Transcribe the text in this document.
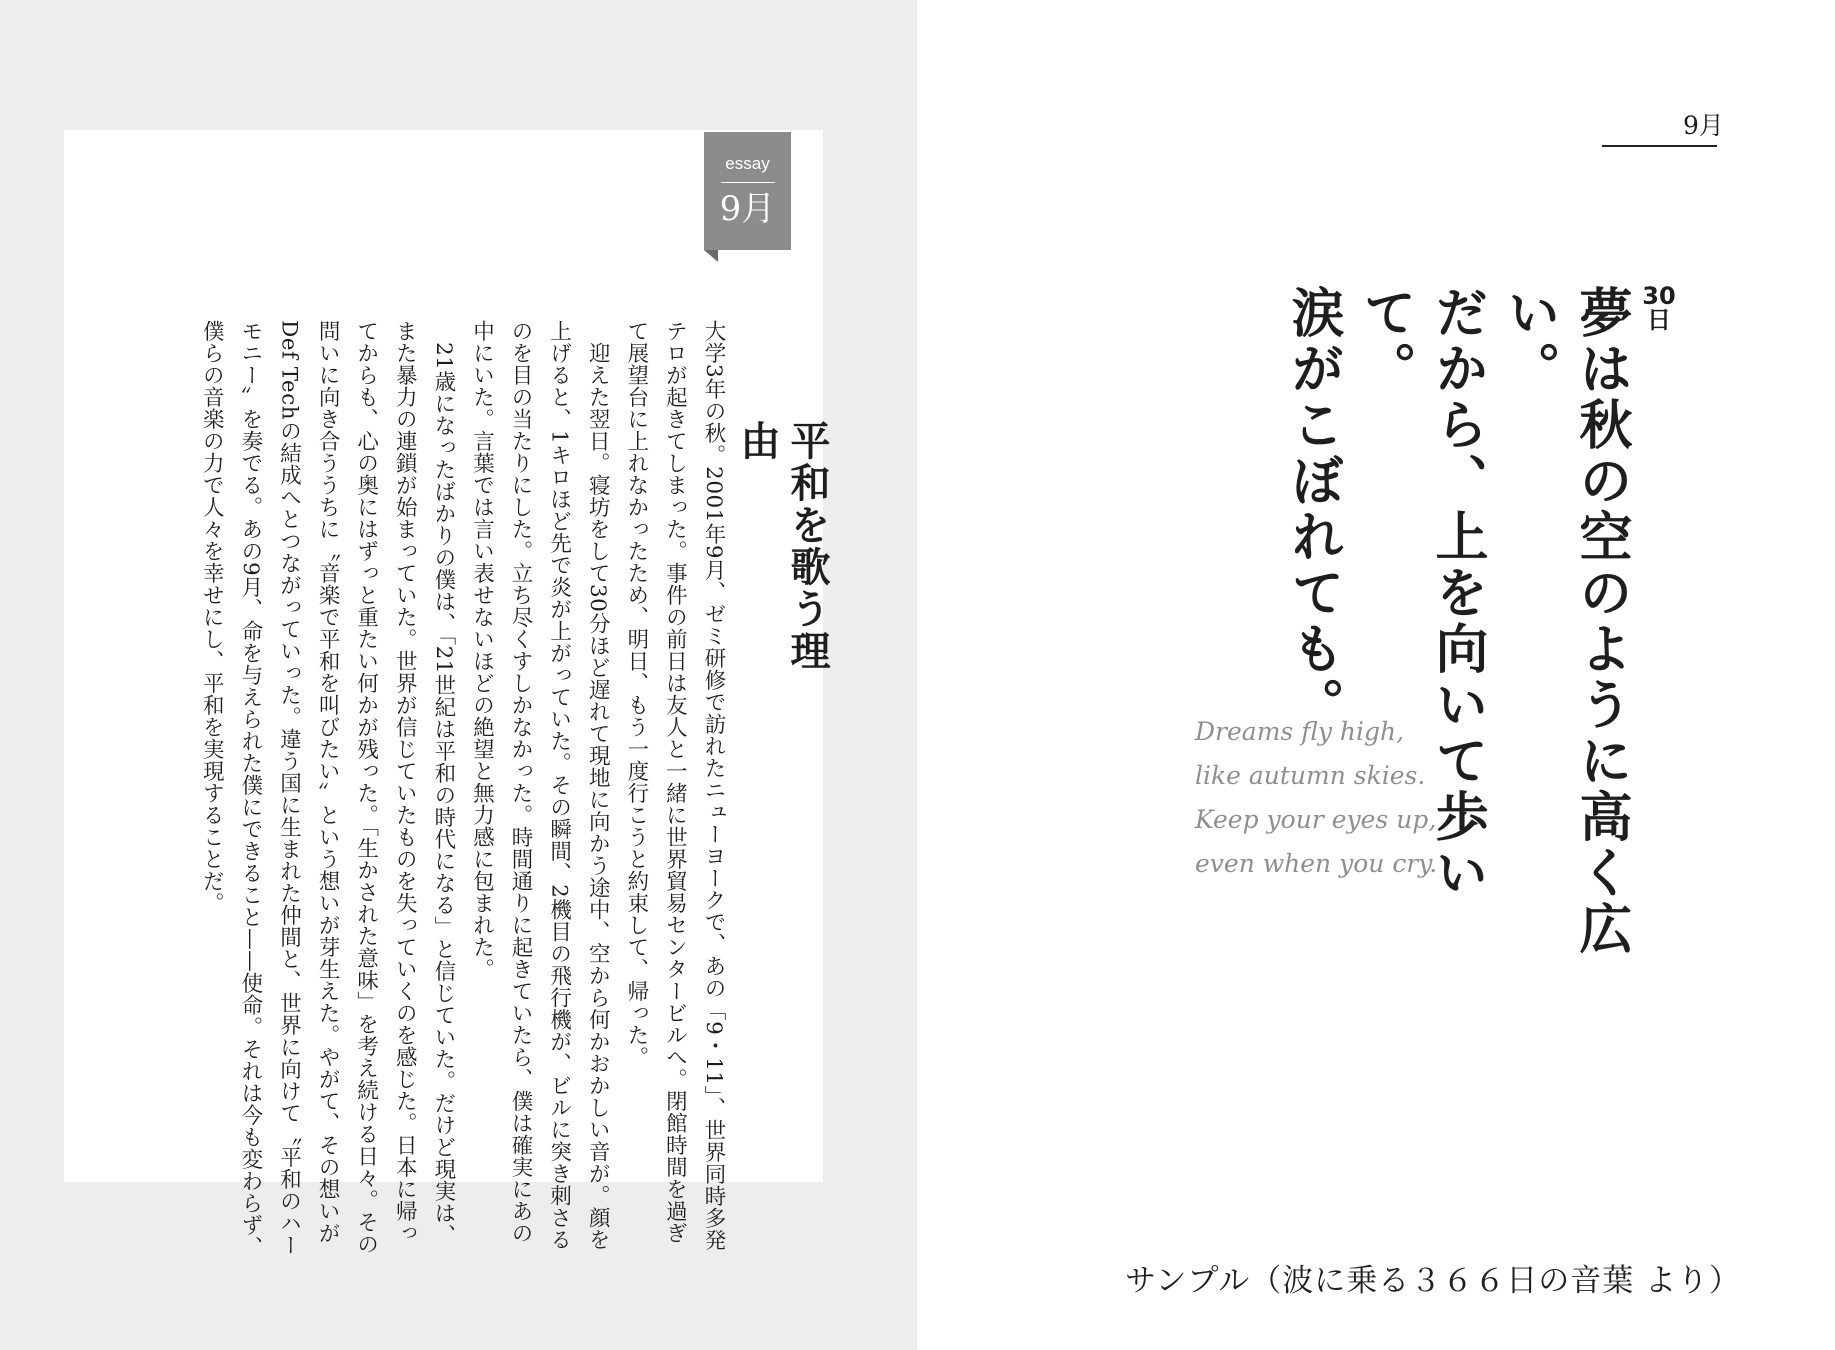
essay
9月
平和を歌う理由

大学3年の秋。2001年9月、ゼミ研修で訪れたニューヨークで、あの「9・11」、世界同時多発テロが起きてしまった。事件の前日は友人と一緒に世界貿易センタービルへ。閉館時間を過ぎて展望台に上れなかったため、明日、もう一度行こうと約束して、帰った。

迎えた翌日。寝坊をして30分ほど遅れて現地に向かう途中、空から何かおかしい音が。顔を上げると、1キロほど先で炎が上がっていた。その瞬間、2機目の飛行機が、ビルに突き刺さるのを目の当たりにした。立ち尽くすしかなかった。時間通りに起きていたら、僕は確実にあの中にいた。言葉では言い表せないほどの絶望と無力感に包まれた。

21歳になったばかりの僕は、「21世紀は平和の時代になる」と信じていた。だけど現実は、また暴力の連鎖が始まっていた。世界が信じていたものを失っていくのを感じた。日本に帰ってからも、心の奥にはずっと重たい何かが残った。「生かされた意味」を考え続ける日々。その問いに向き合ううちに〝音楽で平和を叫びたい〟という想いが芽生えた。やがて、その想いがDef Techの結成へとつながっていった。違う国に生まれた仲間と、世界に向けて〝平和のハーモニー〟を奏でる。あの9月、命を与えられた僕にできること——使命。それは今も変わらず、僕らの音楽の力で人々を幸せにし、平和を実現することだ。

9月
30
日
夢は秋の空のように高く広い。
だから、上を向いて歩いて。
涙がこぼれても。
Dreams fly high,
like autumn skies.
Keep your eyes up,
even when you cry.
サンプル（波に乗る３６６日の音葉 より）
